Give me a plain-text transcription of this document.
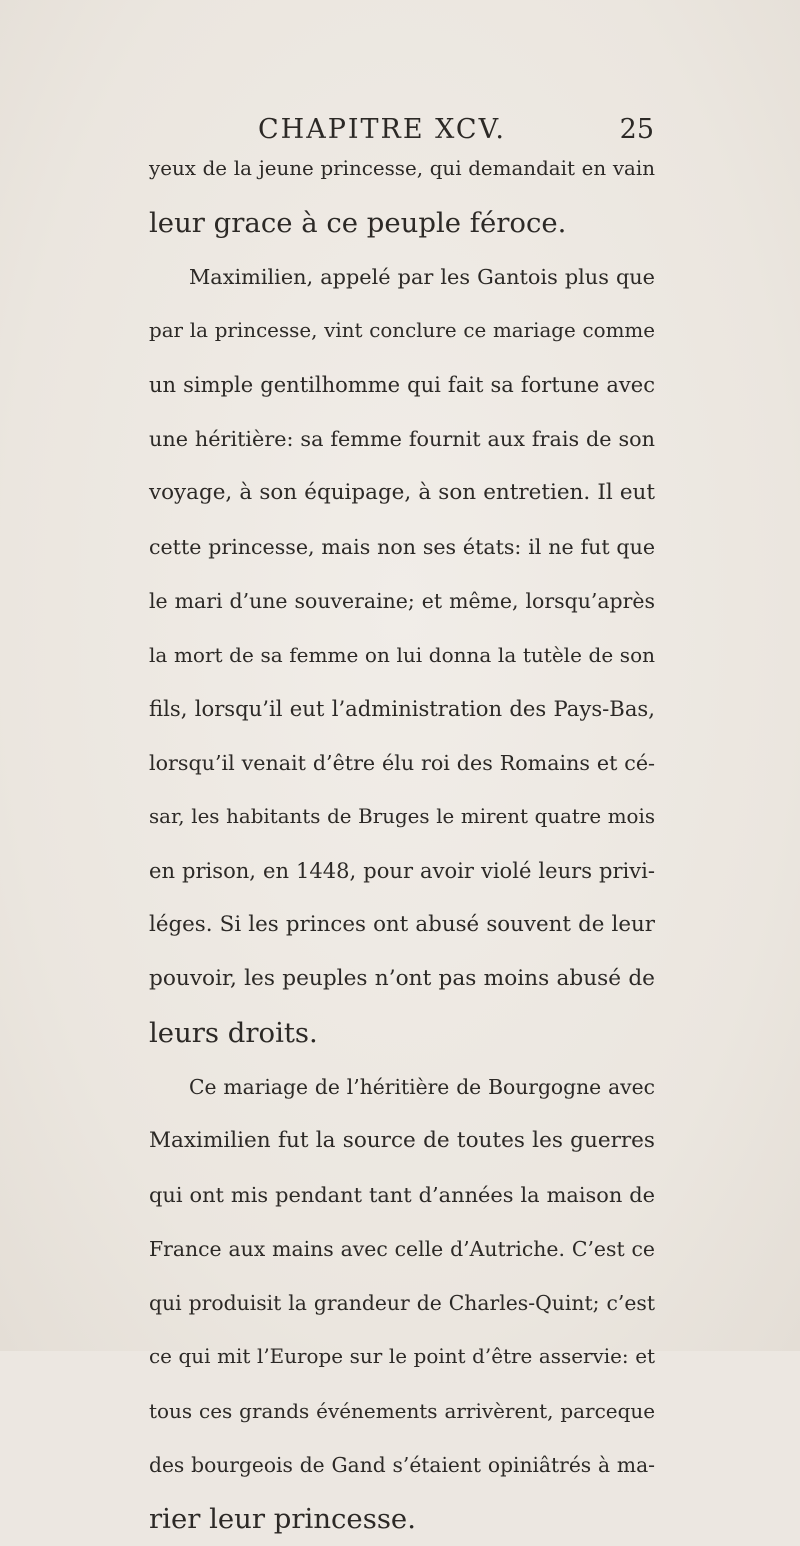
CHAPITRE XCV.	25
yeux de la jeune princesse, qui demandait en vain
leur grace à ce peuple féroce.
Maximilien, appelé par les Gantois plus que
par la princesse, vint conclure ce mariage comme
un simple gentilhomme qui fait sa fortune avec
une héritière: sa femme fournit aux frais de son
voyage, à son équipage, à son entretien. Il eut
cette princesse, mais non ses états: il ne fut que
le mari d’une souveraine; et même, lorsqu’après
la mort de sa femme on lui donna la tutèle de son
fils, lorsqu’il eut l’administration des Pays-Bas,
lorsqu’il venait d’être élu roi des Romains et cé-
sar, les habitants de Bruges le mirent quatre mois
en prison, en 1448, pour avoir violé leurs privi-
léges. Si les princes ont abusé souvent de leur
pouvoir, les peuples n’ont pas moins abusé de
leurs droits.
Ce mariage de l’héritière de Bourgogne avec
Maximilien fut la source de toutes les guerres
qui ont mis pendant tant d’années la maison de
France aux mains avec celle d’Autriche. C’est ce
qui produisit la grandeur de Charles-Quint; c’est
ce qui mit l’Europe sur le point d’être asservie: et
tous ces grands événements arrivèrent, parceque
des bourgeois de Gand s’étaient opiniâtrés à ma-
rier leur princesse.
